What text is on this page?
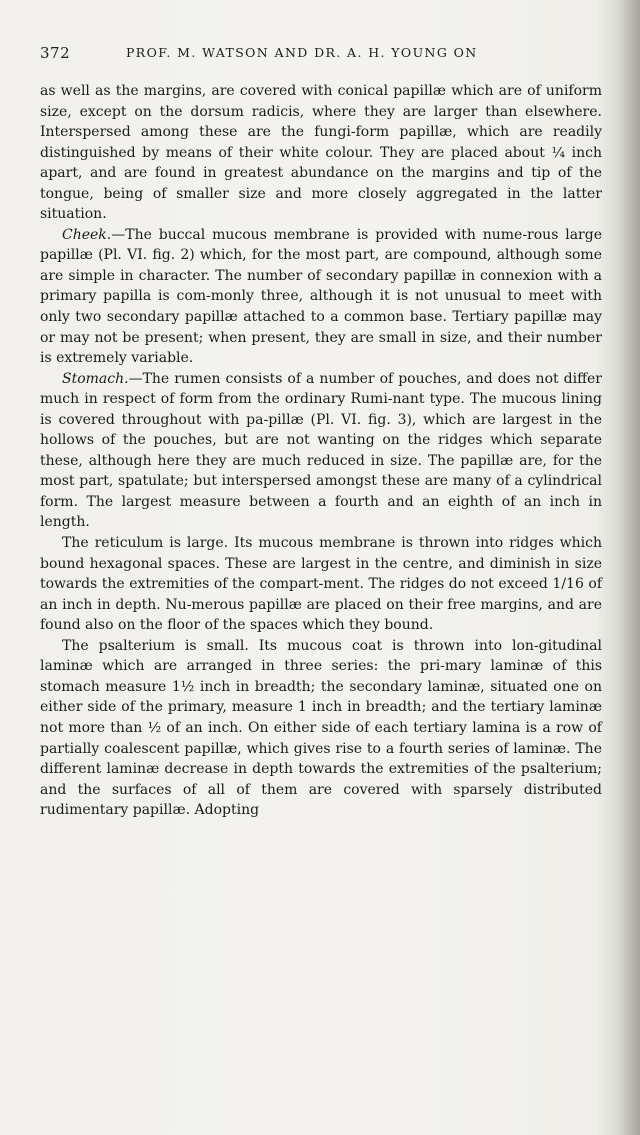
372	PROF. M. WATSON AND DR. A. H. YOUNG ON

as well as the margins, are covered with conical papillæ which are of uniform size, except on the dorsum radicis, where they are larger than elsewhere. Interspersed among these are the fungi-form papillæ, which are readily distinguished by means of their white colour. They are placed about ¼ inch apart, and are found in greatest abundance on the margins and tip of the tongue, being of smaller size and more closely aggregated in the latter situation.

Cheek.—The buccal mucous membrane is provided with nume-rous large papillæ (Pl. VI. fig. 2) which, for the most part, are compound, although some are simple in character. The number of secondary papillæ in connexion with a primary papilla is com-monly three, although it is not unusual to meet with only two secondary papillæ attached to a common base. Tertiary papillæ may or may not be present; when present, they are small in size, and their number is extremely variable.

Stomach.—The rumen consists of a number of pouches, and does not differ much in respect of form from the ordinary Rumi-nant type. The mucous lining is covered throughout with pa-pillæ (Pl. VI. fig. 3), which are largest in the hollows of the pouches, but are not wanting on the ridges which separate these, although here they are much reduced in size. The papillæ are, for the most part, spatulate; but interspersed amongst these are many of a cylindrical form. The largest measure between a fourth and an eighth of an inch in length.

The reticulum is large. Its mucous membrane is thrown into ridges which bound hexagonal spaces. These are largest in the centre, and diminish in size towards the extremities of the compart-ment. The ridges do not exceed 1/16 of an inch in depth. Nu-merous papillæ are placed on their free margins, and are found also on the floor of the spaces which they bound.

The psalterium is small. Its mucous coat is thrown into lon-gitudinal laminæ which are arranged in three series: the pri-mary laminæ of this stomach measure 1½ inch in breadth; the secondary laminæ, situated one on either side of the primary, measure 1 inch in breadth; and the tertiary laminæ not more than ½ of an inch. On either side of each tertiary lamina is a row of partially coalescent papillæ, which gives rise to a fourth series of laminæ. The different laminæ decrease in depth towards the extremities of the psalterium; and the surfaces of all of them are covered with sparsely distributed rudimentary papillæ. Adopting
